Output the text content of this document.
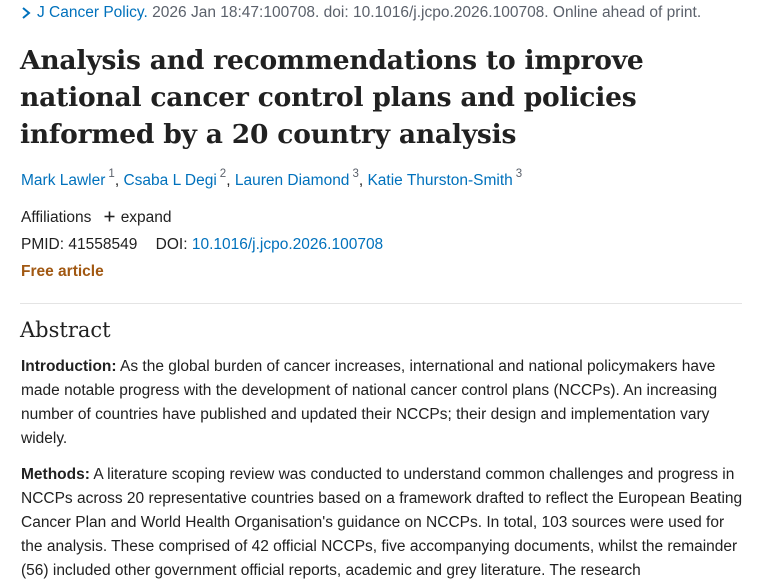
J Cancer Policy. 2026 Jan 18:47:100708. doi: 10.1016/j.jcpo.2026.100708. Online ahead of print.
Analysis and recommendations to improve national cancer control plans and policies informed by a 20 country analysis
Mark Lawler $^1$, Csaba L Degi $^2$, Lauren Diamond $^3$, Katie Thurston-Smith $^3$
Affiliations expand
PMID: 41558549 DOI: 10.1016/j.jcpo.2026.100708
Free article
Abstract

Introduction: As the global burden of cancer increases, international and national policymakers have made notable progress with the development of national cancer control plans (NCCPs). An increasing number of countries have published and updated their NCCPs; their design and implementation vary widely.

Methods: A literature scoping review was conducted to understand common challenges and progress in NCCPs across 20 representative countries based on a framework drafted to reflect the European Beating Cancer Plan and World Health Organisation's guidance on NCCPs. In total, 103 sources were used for the analysis. These comprised of 42 official NCCPs, five accompanying documents, whilst the remainder (56) included other government official reports, academic and grey literature. The research
